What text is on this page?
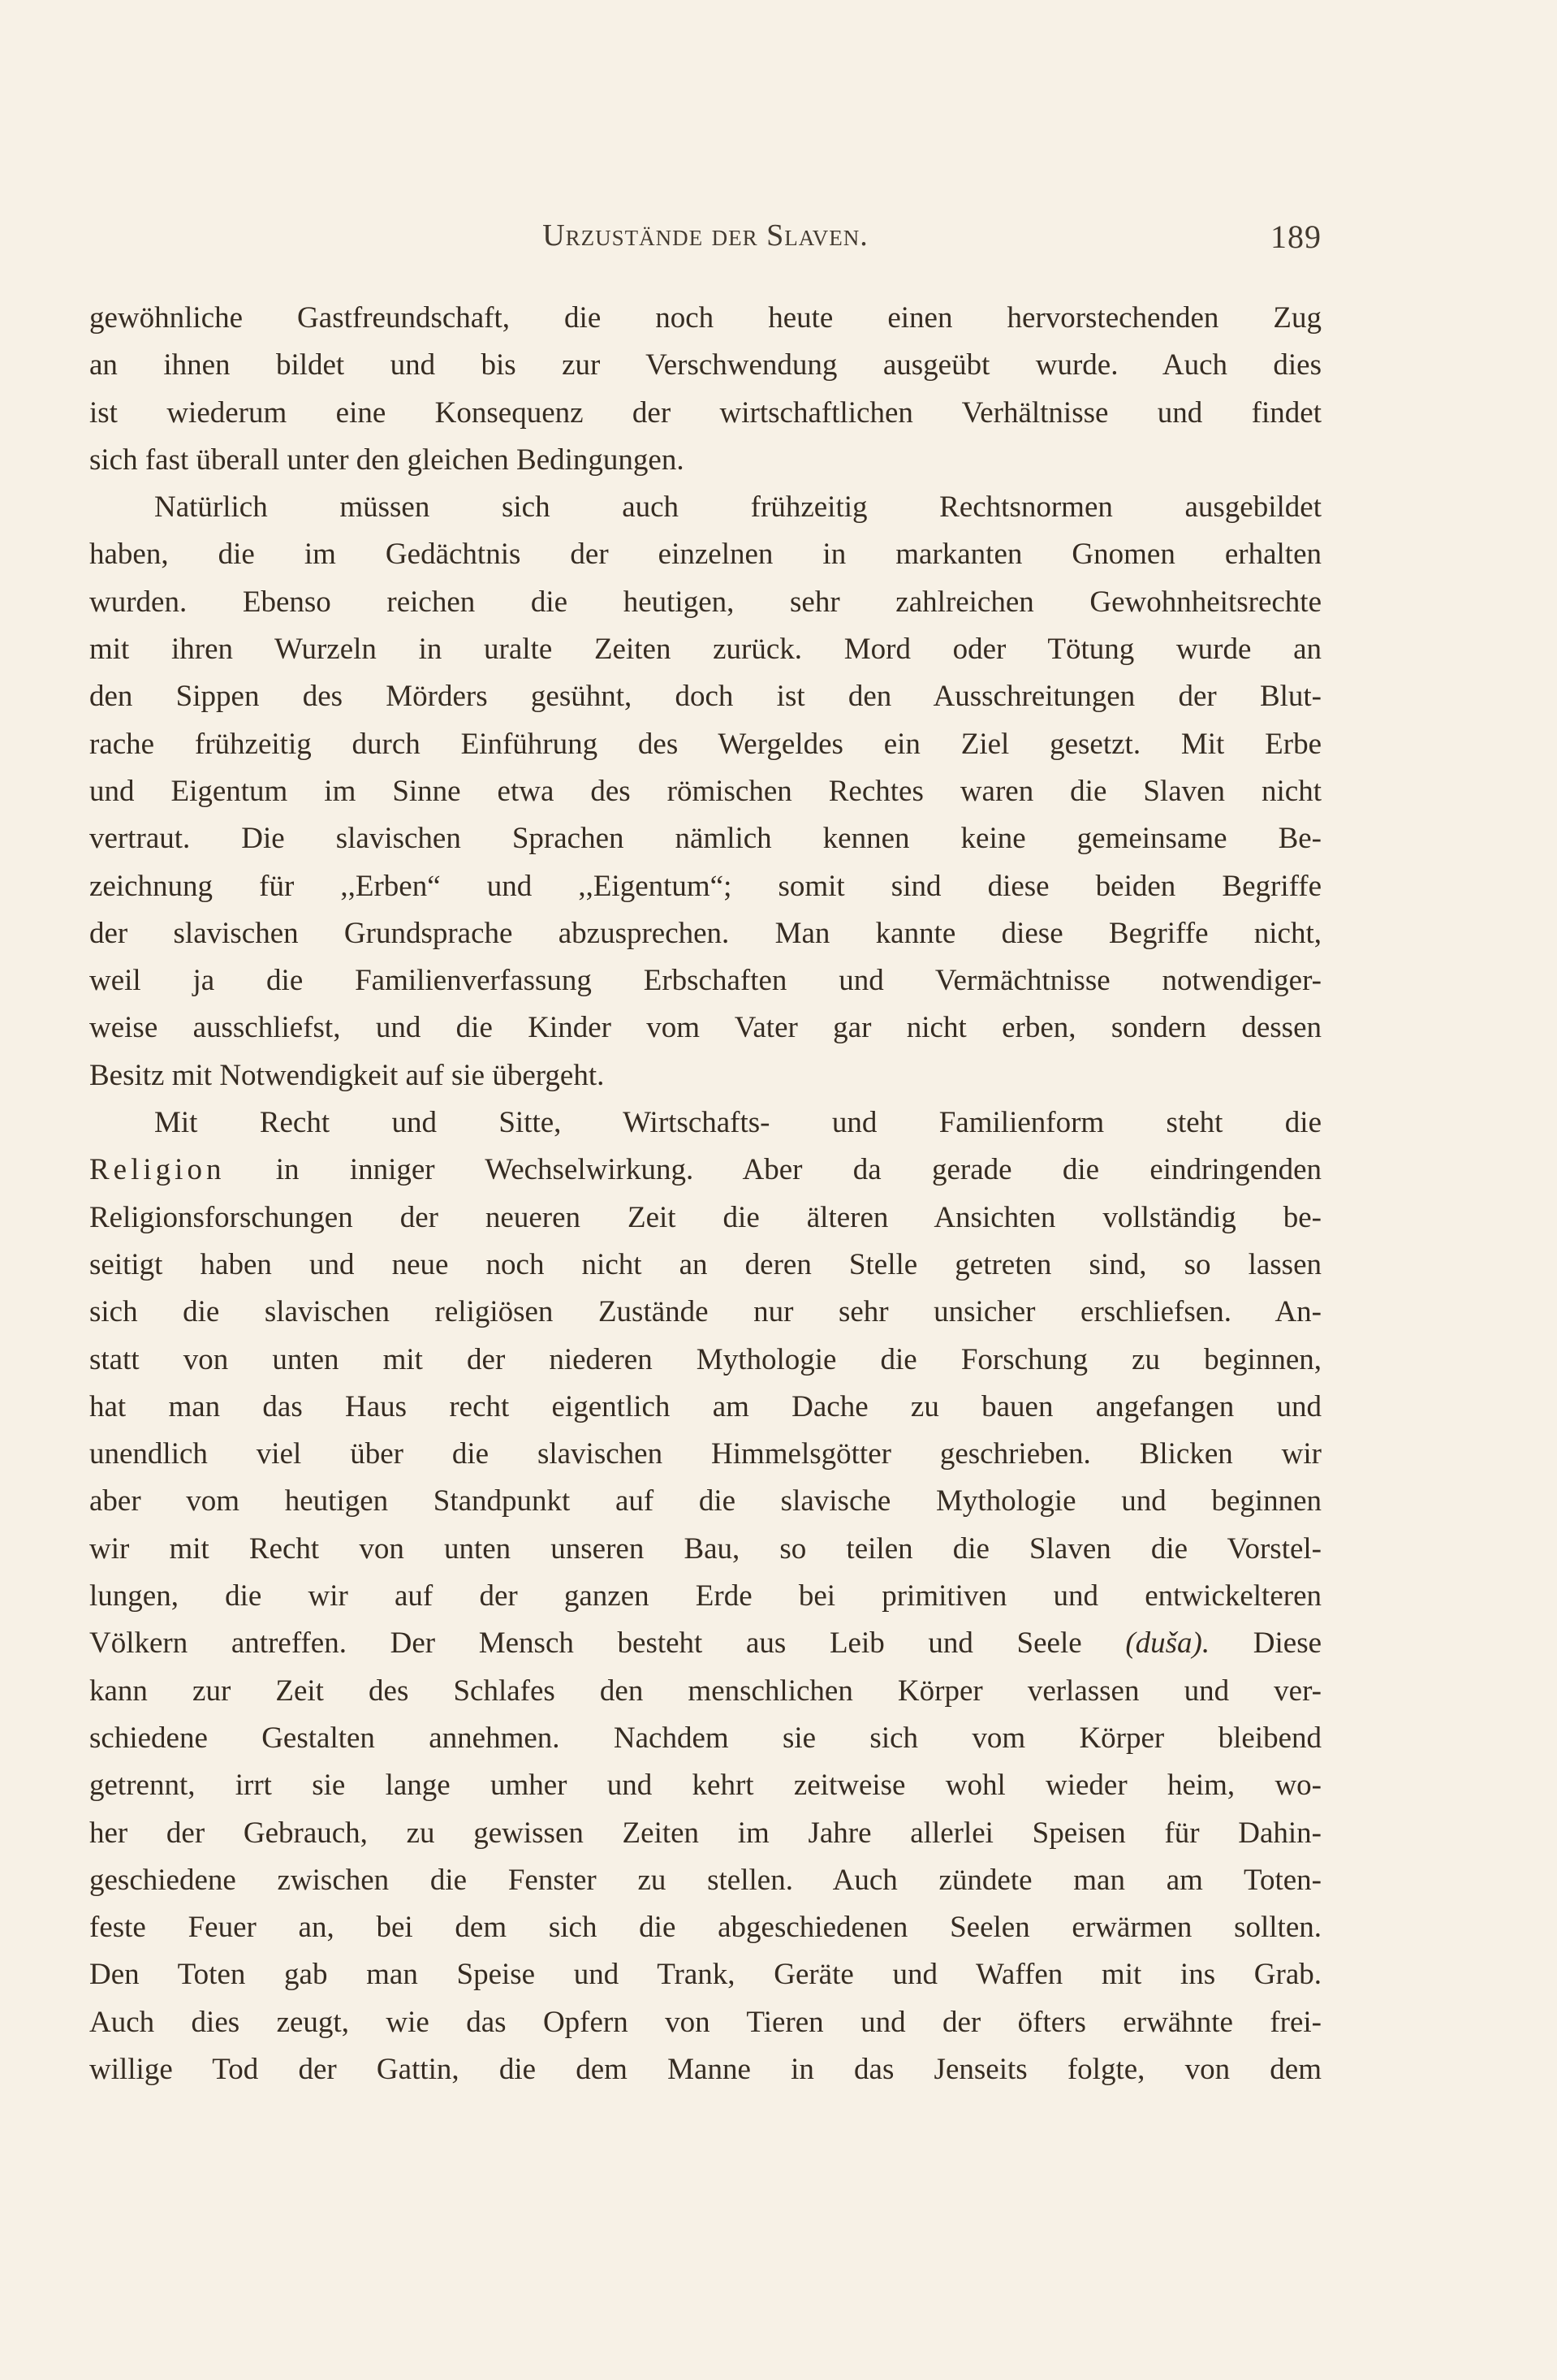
Urzustände der Slaven.	189
gewöhnliche Gastfreundschaft, die noch heute einen hervorstechenden Zug
an ihnen bildet und bis zur Verschwendung ausgeübt wurde. Auch dies
ist wiederum eine Konsequenz der wirtschaftlichen Verhältnisse und findet
sich fast überall unter den gleichen Bedingungen.
Natürlich müssen sich auch frühzeitig Rechtsnormen ausgebildet
haben, die im Gedächtnis der einzelnen in markanten Gnomen erhalten
wurden. Ebenso reichen die heutigen, sehr zahlreichen Gewohnheitsrechte
mit ihren Wurzeln in uralte Zeiten zurück. Mord oder Tötung wurde an
den Sippen des Mörders gesühnt, doch ist den Ausschreitungen der Blut-
rache frühzeitig durch Einführung des Wergeldes ein Ziel gesetzt. Mit Erbe
und Eigentum im Sinne etwa des römischen Rechtes waren die Slaven nicht
vertraut. Die slavischen Sprachen nämlich kennen keine gemeinsame Be-
zeichnung für ,,Erben“ und ,,Eigentum“; somit sind diese beiden Begriffe
der slavischen Grundsprache abzusprechen. Man kannte diese Begriffe nicht,
weil ja die Familienverfassung Erbschaften und Vermächtnisse notwendiger-
weise ausschliefst, und die Kinder vom Vater gar nicht erben, sondern dessen
Besitz mit Notwendigkeit auf sie übergeht.
Mit Recht und Sitte, Wirtschafts- und Familienform steht die
Religion in inniger Wechselwirkung. Aber da gerade die eindringenden
Religionsforschungen der neueren Zeit die älteren Ansichten vollständig be-
seitigt haben und neue noch nicht an deren Stelle getreten sind, so lassen
sich die slavischen religiösen Zustände nur sehr unsicher erschliefsen. An-
statt von unten mit der niederen Mythologie die Forschung zu beginnen,
hat man das Haus recht eigentlich am Dache zu bauen angefangen und
unendlich viel über die slavischen Himmelsgötter geschrieben. Blicken wir
aber vom heutigen Standpunkt auf die slavische Mythologie und beginnen
wir mit Recht von unten unseren Bau, so teilen die Slaven die Vorstel-
lungen, die wir auf der ganzen Erde bei primitiven und entwickelteren
Völkern antreffen. Der Mensch besteht aus Leib und Seele (duša). Diese
kann zur Zeit des Schlafes den menschlichen Körper verlassen und ver-
schiedene Gestalten annehmen. Nachdem sie sich vom Körper bleibend
getrennt, irrt sie lange umher und kehrt zeitweise wohl wieder heim, wo-
her der Gebrauch, zu gewissen Zeiten im Jahre allerlei Speisen für Dahin-
geschiedene zwischen die Fenster zu stellen. Auch zündete man am Toten-
feste Feuer an, bei dem sich die abgeschiedenen Seelen erwärmen sollten.
Den Toten gab man Speise und Trank, Geräte und Waffen mit ins Grab.
Auch dies zeugt, wie das Opfern von Tieren und der öfters erwähnte frei-
willige Tod der Gattin, die dem Manne in das Jenseits folgte, von dem
